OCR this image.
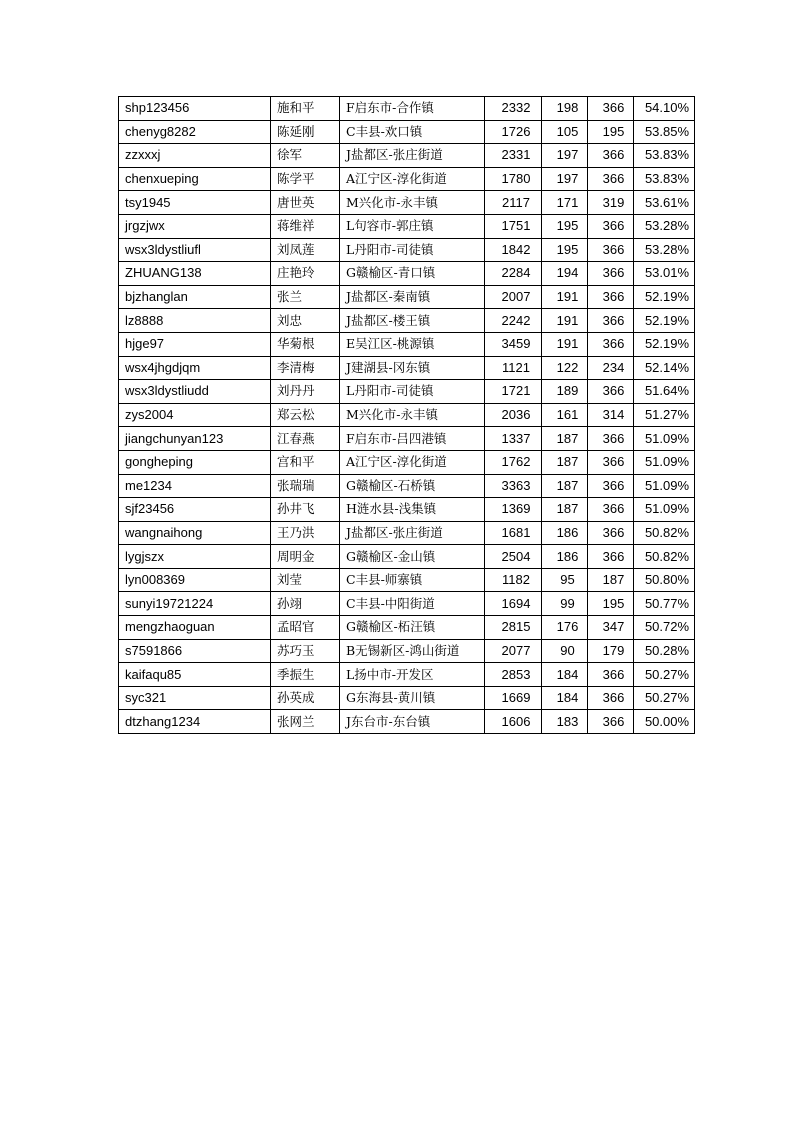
shp123456	施和平	F启东市-合作镇	2332	198	366	54.10%
chenyg8282	陈延刚	C丰县-欢口镇	1726	105	195	53.85%
zzxxxj	徐军	J盐都区-张庄街道	2331	197	366	53.83%
chenxueping	陈学平	A江宁区-淳化街道	1780	197	366	53.83%
tsy1945	唐世英	M兴化市-永丰镇	2117	171	319	53.61%
jrgzjwx	蒋维祥	L句容市-郭庄镇	1751	195	366	53.28%
wsx3ldystliufl	刘凤莲	L丹阳市-司徒镇	1842	195	366	53.28%
ZHUANG138	庄艳玲	G赣榆区-青口镇	2284	194	366	53.01%
bjzhanglan	张兰	J盐都区-秦南镇	2007	191	366	52.19%
lz8888	刘忠	J盐都区-楼王镇	2242	191	366	52.19%
hjge97	华菊根	E吴江区-桃源镇	3459	191	366	52.19%
wsx4jhgdjqm	李清梅	J建湖县-冈东镇	1121	122	234	52.14%
wsx3ldystliudd	刘丹丹	L丹阳市-司徒镇	1721	189	366	51.64%
zys2004	郑云松	M兴化市-永丰镇	2036	161	314	51.27%
jiangchunyan123	江春燕	F启东市-吕四港镇	1337	187	366	51.09%
gongheping	宫和平	A江宁区-淳化街道	1762	187	366	51.09%
me1234	张瑞瑞	G赣榆区-石桥镇	3363	187	366	51.09%
sjf23456	孙井飞	H涟水县-浅集镇	1369	187	366	51.09%
wangnaihong	王乃洪	J盐都区-张庄街道	1681	186	366	50.82%
lygjszx	周明金	G赣榆区-金山镇	2504	186	366	50.82%
lyn008369	刘莹	C丰县-师寨镇	1182	95	187	50.80%
sunyi19721224	孙翊	C丰县-中阳街道	1694	99	195	50.77%
mengzhaoguan	孟昭官	G赣榆区-柘汪镇	2815	176	347	50.72%
s7591866	苏巧玉	B无锡新区-鸿山街道	2077	90	179	50.28%
kaifaqu85	季振生	L扬中市-开发区	2853	184	366	50.27%
syc321	孙英成	G东海县-黄川镇	1669	184	366	50.27%
dtzhang1234	张网兰	J东台市-东台镇	1606	183	366	50.00%
